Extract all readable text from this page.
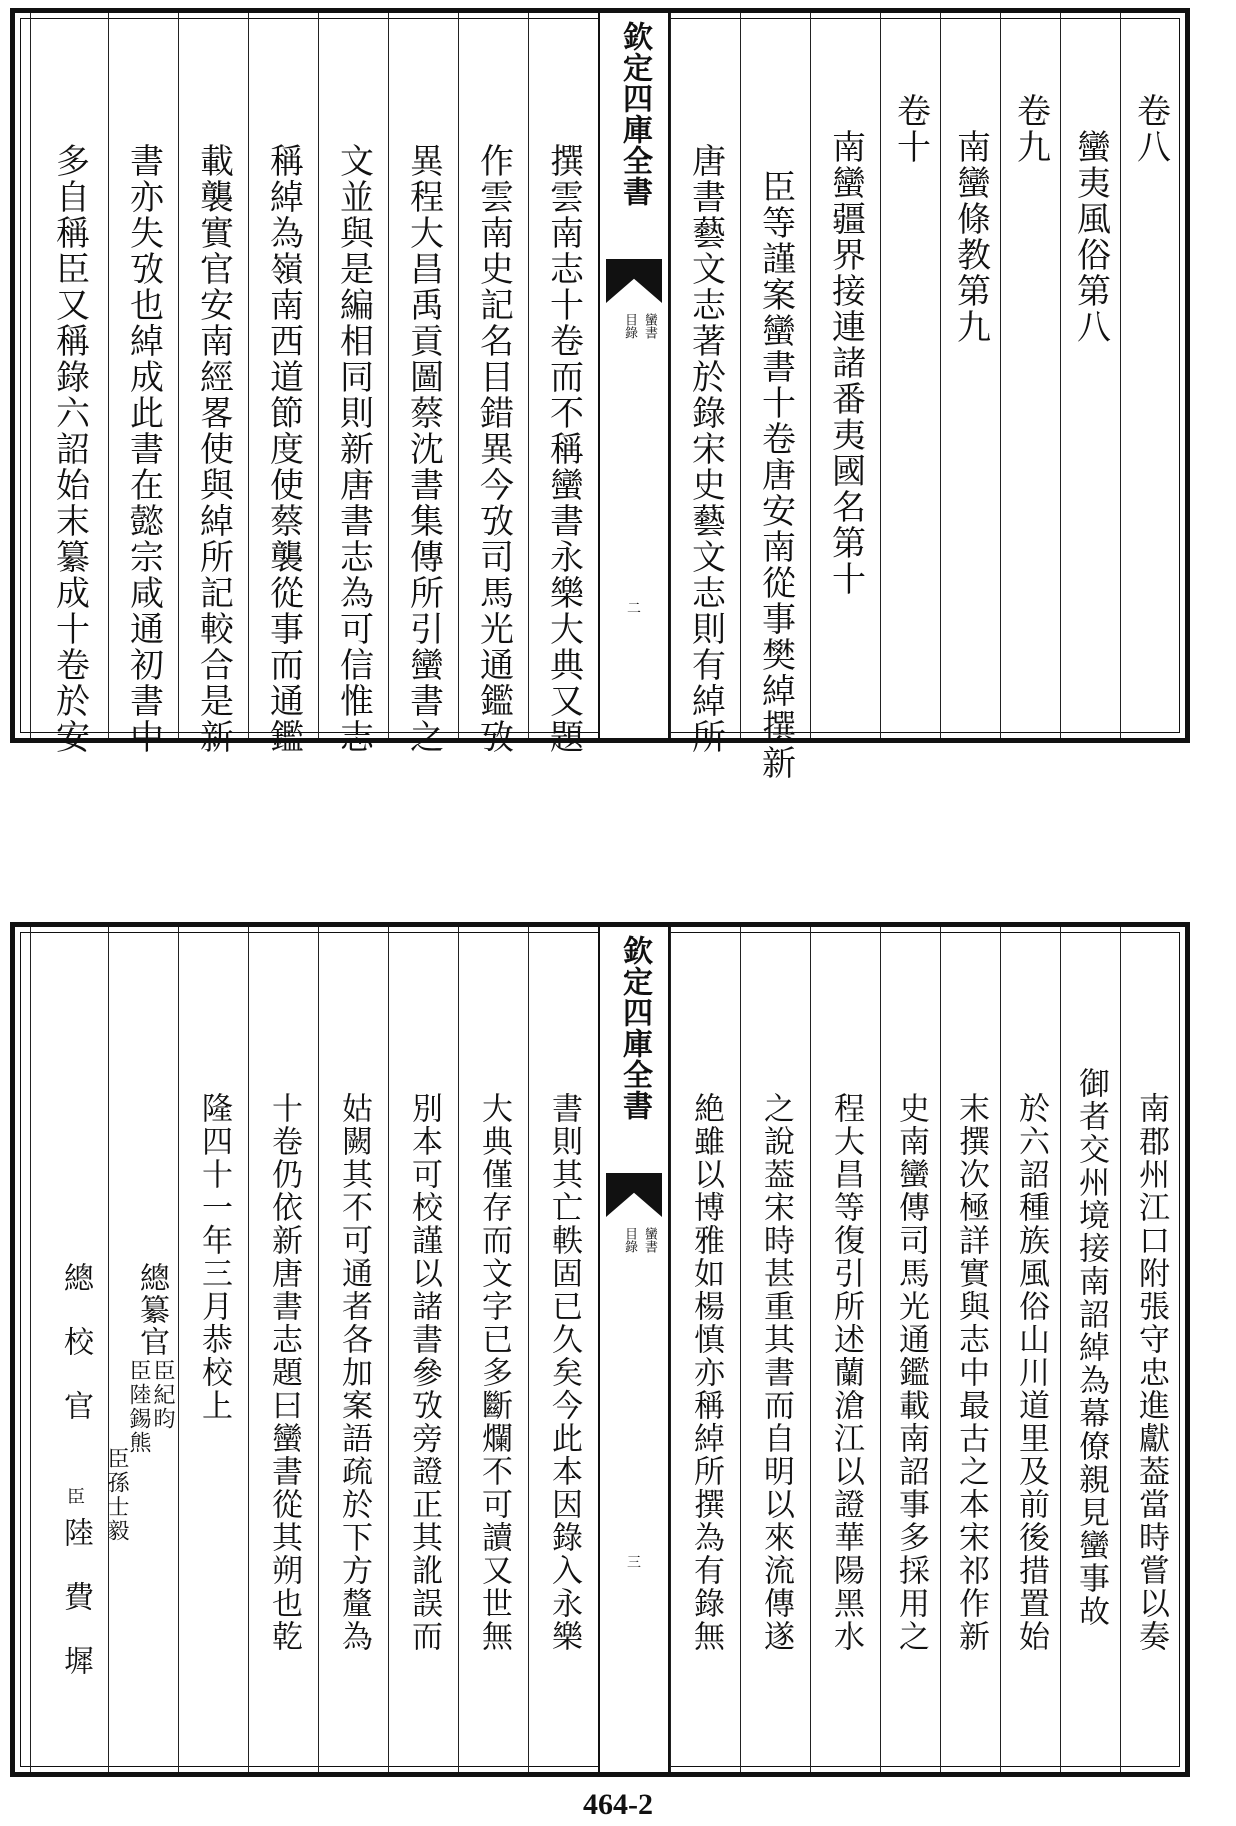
卷八
　蠻夷風俗第八
卷九
　南蠻條教第九
卷十
　南蠻疆界接連諸番夷國名第十
　臣等謹案蠻書十卷唐安南從事樊綽撰新
唐書藝文志著於錄宋史藝文志則有綽所
欽定四庫全書
蠻書
目錄
二
撰雲南志十卷而不稱蠻書永樂大典又題
作雲南史記名目錯異今攷司馬光通鑑攷
異程大昌禹貢圖蔡沈書集傳所引蠻書之
文並與是編相同則新唐書志為可信惟志
稱綽為嶺南西道節度使蔡襲從事而通鑑
載襲實官安南經畧使與綽所記較合是新
書亦失攷也綽成此書在懿宗咸通初書中
多自稱臣又稱錄六詔始末纂成十卷於安
南郡州江口附張守忠進獻葢當時嘗以奏
御者交州境接南詔綽為幕僚親見蠻事故
於六詔種族風俗山川道里及前後措置始
末撰次極詳實與志中最古之本宋祁作新
史南蠻傳司馬光通鑑載南詔事多採用之
程大昌等復引所述蘭滄江以證華陽黑水
之說葢宋時甚重其書而自明以來流傳遂
絶雖以博雅如楊慎亦稱綽所撰為有錄無
欽定四庫全書
蠻書
目錄
三
書則其亡軼固已久矣今此本因錄入永樂
大典僅存而文字已多斷爛不可讀又世無
別本可校謹以諸書參攷旁證正其訛誤而
姑闕其不可通者各加案語疏於下方釐為
十卷仍依新唐書志題曰蠻書從其朔也乾
隆四十一年三月恭校上
總纂官
臣紀昀
臣陸錫熊
臣孫士毅
總　校　官
臣
陸　費　墀
464-2
